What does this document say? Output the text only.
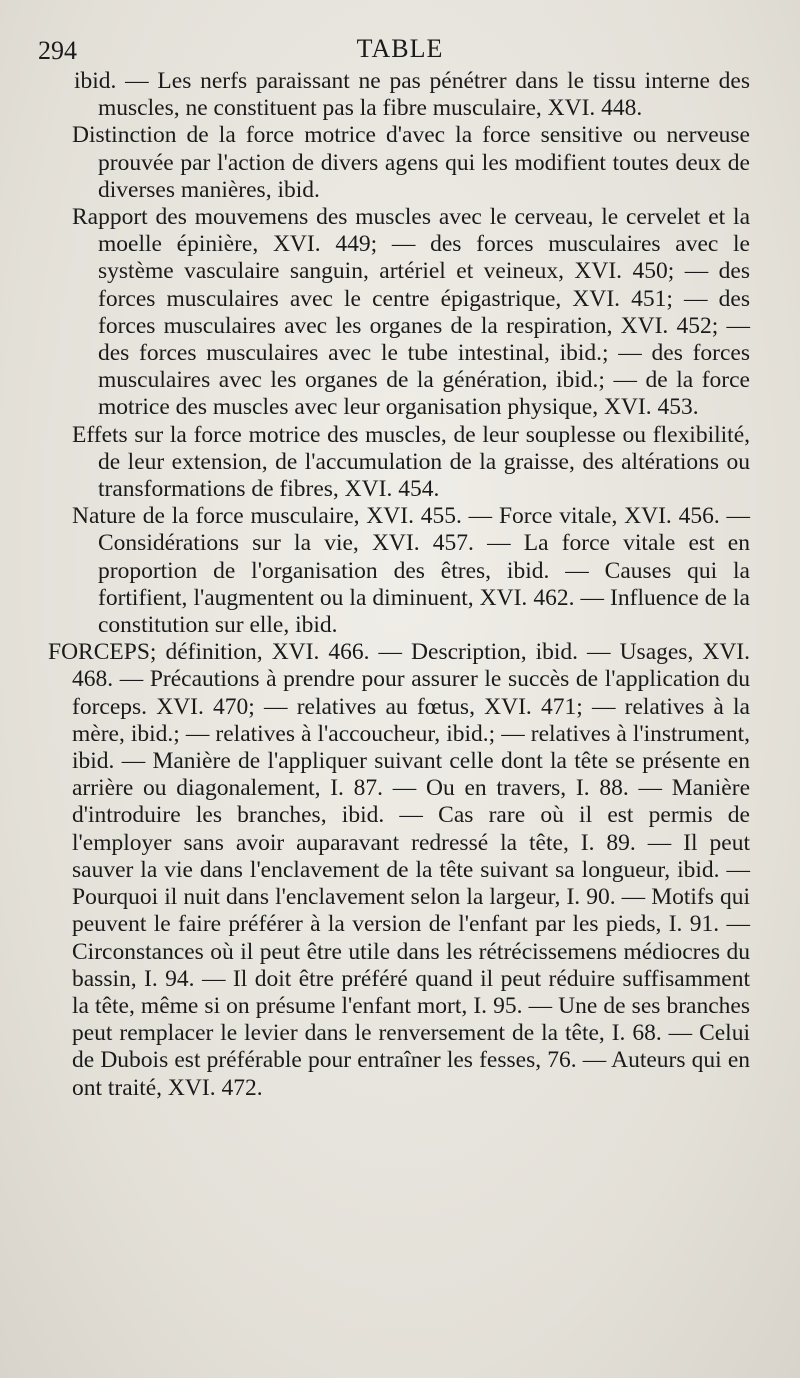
294	TABLE

ibid. — Les nerfs paraissant ne pas pénétrer dans le tissu interne des muscles, ne constituent pas la fibre musculaire, XVI. 448.

Distinction de la force motrice d'avec la force sensitive ou nerveuse prouvée par l'action de divers agens qui les modifient toutes deux de diverses manières, ibid.

Rapport des mouvemens des muscles avec le cerveau, le cervelet et la moelle épinière, XVI. 449; — des forces musculaires avec le système vasculaire sanguin, artériel et veineux, XVI. 450; — des forces musculaires avec le centre épigastrique, XVI. 451; — des forces musculaires avec les organes de la respiration, XVI. 452; — des forces musculaires avec le tube intestinal, ibid.; — des forces musculaires avec les organes de la génération, ibid.; — de la force motrice des muscles avec leur organisation physique, XVI. 453.

Effets sur la force motrice des muscles, de leur souplesse ou flexibilité, de leur extension, de l'accumulation de la graisse, des altérations ou transformations de fibres, XVI. 454.

Nature de la force musculaire, XVI. 455. — Force vitale, XVI. 456. — Considérations sur la vie, XVI. 457. — La force vitale est en proportion de l'organisation des êtres, ibid. — Causes qui la fortifient, l'augmentent ou la diminuent, XVI. 462. — Influence de la constitution sur elle, ibid.

FORCEPS; définition, XVI. 466. — Description, ibid. — Usages, XVI. 468. — Précautions à prendre pour assurer le succès de l'application du forceps. XVI. 470; — relatives au fœtus, XVI. 471; — relatives à la mère, ibid.; — relatives à l'accoucheur, ibid.; — relatives à l'instrument, ibid. — Manière de l'appliquer suivant celle dont la tête se présente en arrière ou diagonalement, I. 87. — Ou en travers, I. 88. — Manière d'introduire les branches, ibid. — Cas rare où il est permis de l'employer sans avoir auparavant redressé la tête, I. 89. — Il peut sauver la vie dans l'enclavement de la tête suivant sa longueur, ibid. — Pourquoi il nuit dans l'enclavement selon la largeur, I. 90. — Motifs qui peuvent le faire préférer à la version de l'enfant par les pieds, I. 91. — Circonstances où il peut être utile dans les rétrécissemens médiocres du bassin, I. 94. — Il doit être préféré quand il peut réduire suffisamment la tête, même si on présume l'enfant mort, I. 95. — Une de ses branches peut remplacer le levier dans le renversement de la tête, I. 68. — Celui de Dubois est préférable pour entraîner les fesses, 76. — Auteurs qui en ont traité, XVI. 472.
